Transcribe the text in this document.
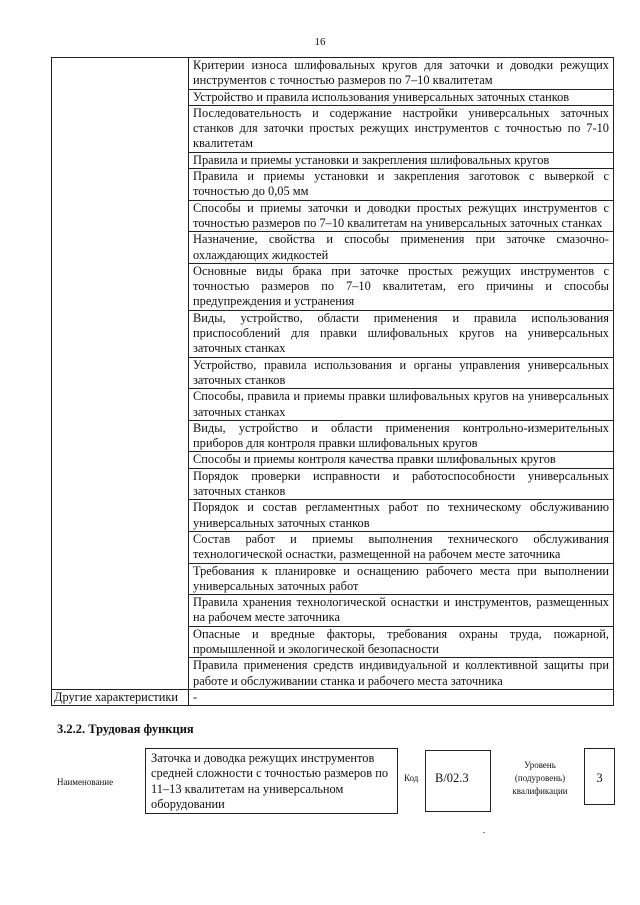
16
	Критерии износа шлифовальных кругов для заточки и доводки режущих инструментов с точностью размеров по 7–10 квалитетам
	Устройство и правила использования универсальных заточных станков
	Последовательность и содержание настройки универсальных заточных станков для заточки простых режущих инструментов с точностью по 7-10 квалитетам
	Правила и приемы установки и закрепления шлифовальных кругов
	Правила и приемы установки и закрепления заготовок с выверкой с точностью до 0,05 мм
	Способы и приемы заточки и доводки простых режущих инструментов с точностью размеров по 7–10 квалитетам на универсальных заточных станках
	Назначение, свойства и способы применения при заточке смазочно-охлаждающих жидкостей
	Основные виды брака при заточке простых режущих инструментов с точностью размеров по 7–10 квалитетам, его причины и способы предупреждения и устранения
	Виды, устройство, области применения и правила использования приспособлений для правки шлифовальных кругов на универсальных заточных станках
	Устройство, правила использования и органы управления универсальных заточных станков
	Способы, правила и приемы правки шлифовальных кругов на универсальных заточных станках
	Виды, устройство и области применения контрольно-измерительных приборов для контроля правки шлифовальных кругов
	Способы и приемы контроля качества правки шлифовальных кругов
	Порядок проверки исправности и работоспособности универсальных заточных станков
	Порядок и состав регламентных работ по техническому обслуживанию универсальных заточных станков
	Состав работ и приемы выполнения технического обслуживания технологической оснастки, размещенной на рабочем месте заточника
	Требования к планировке и оснащению рабочего места при выполнении универсальных заточных работ
	Правила хранения технологической оснастки и инструментов, размещенных на рабочем месте заточника
	Опасные и вредные факторы, требования охраны труда, пожарной, промышленной и экологической безопасности
	Правила применения средств индивидуальной и коллективной защиты при работе и обслуживании станка и рабочего места заточника
Другие характеристики	-
3.2.2. Трудовая функция
Наименование
Заточка и доводка режущих инструментов средней сложности с точностью размеров по 11–13 квалитетам на универсальном оборудовании
Код	B/02.3
Уровень
(подуровень)
квалификации
3
